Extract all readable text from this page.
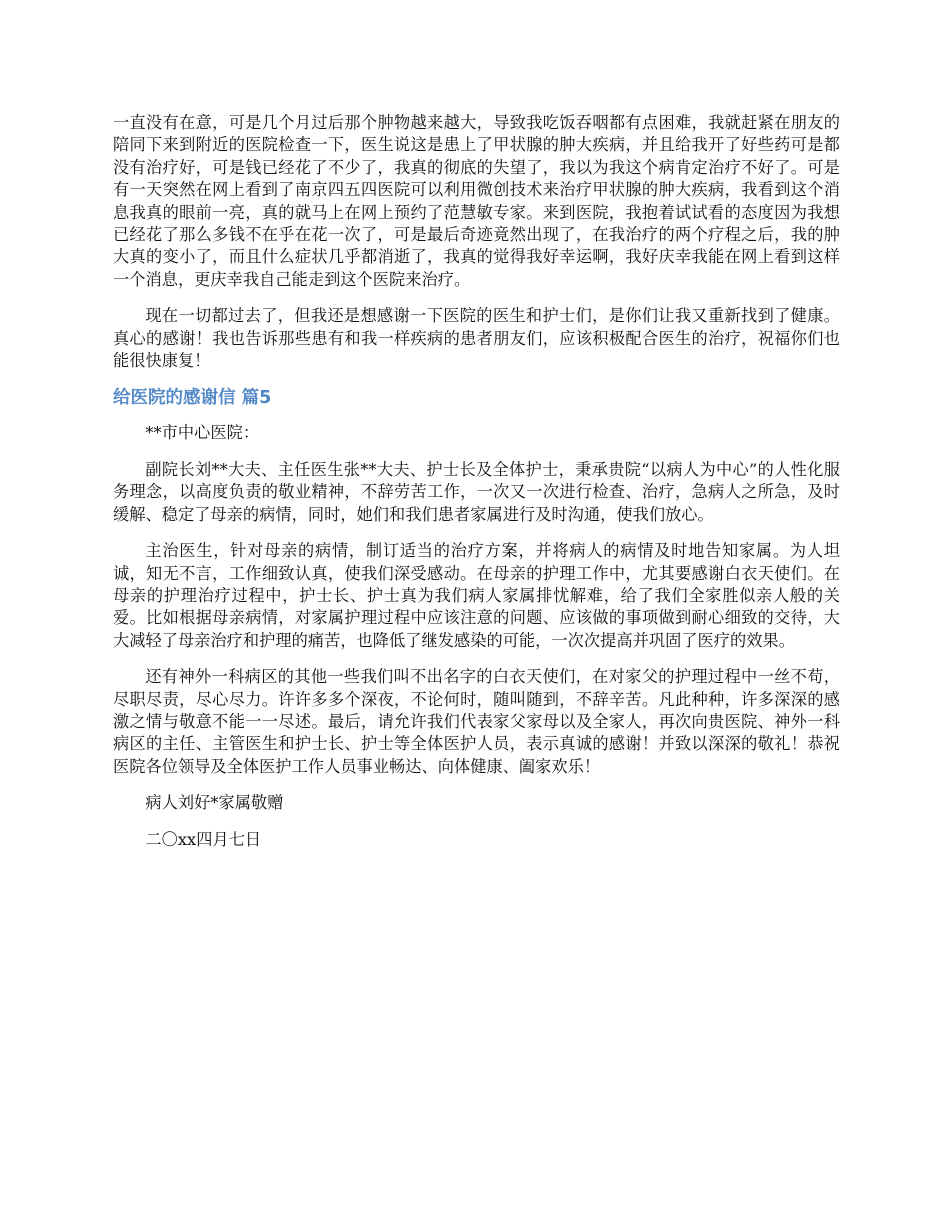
一直没有在意，可是几个月过后那个肿物越来越大，导致我吃饭吞咽都有点困难，我就赶紧在朋友的陪同下来到附近的医院检查一下，医生说这是患上了甲状腺的肿大疾病，并且给我开了好些药可是都没有治疗好，可是钱已经花了不少了，我真的彻底的失望了，我以为我这个病肯定治疗不好了。可是有一天突然在网上看到了南京四五四医院可以利用微创技术来治疗甲状腺的肿大疾病，我看到这个消息我真的眼前一亮，真的就马上在网上预约了范慧敏专家。来到医院，我抱着试试看的态度因为我想已经花了那么多钱不在乎在花一次了，可是最后奇迹竟然出现了，在我治疗的两个疗程之后，我的肿大真的变小了，而且什么症状几乎都消逝了，我真的觉得我好幸运啊，我好庆幸我能在网上看到这样一个消息，更庆幸我自己能走到这个医院来治疗。

现在一切都过去了，但我还是想感谢一下医院的医生和护士们，是你们让我又重新找到了健康。真心的感谢！我也告诉那些患有和我一样疾病的患者朋友们，应该积极配合医生的治疗，祝福你们也能很快康复！

给医院的感谢信 篇5

**市中心医院：

副院长刘**大夫、主任医生张**大夫、护士长及全体护士，秉承贵院“以病人为中心”的人性化服务理念，以高度负责的敬业精神，不辞劳苦工作，一次又一次进行检查、治疗，急病人之所急，及时缓解、稳定了母亲的病情，同时，她们和我们患者家属进行及时沟通，使我们放心。

主治医生，针对母亲的病情，制订适当的治疗方案，并将病人的病情及时地告知家属。为人坦诚，知无不言，工作细致认真，使我们深受感动。在母亲的护理工作中，尤其要感谢白衣天使们。在母亲的护理治疗过程中，护士长、护士真为我们病人家属排忧解难，给了我们全家胜似亲人般的关爱。比如根据母亲病情，对家属护理过程中应该注意的问题、应该做的事项做到耐心细致的交待，大大减轻了母亲治疗和护理的痛苦，也降低了继发感染的可能，一次次提高并巩固了医疗的效果。

还有神外一科病区的其他一些我们叫不出名字的白衣天使们，在对家父的护理过程中一丝不苟，尽职尽责，尽心尽力。许许多多个深夜，不论何时，随叫随到，不辞辛苦。凡此种种，许多深深的感激之情与敬意不能一一尽述。最后，请允许我们代表家父家母以及全家人，再次向贵医院、神外一科病区的主任、主管医生和护士长、护士等全体医护人员，表示真诚的感谢！并致以深深的敬礼！恭祝医院各位领导及全体医护工作人员事业畅达、向体健康、阖家欢乐！

病人刘好*家属敬赠

二〇xx四月七日
